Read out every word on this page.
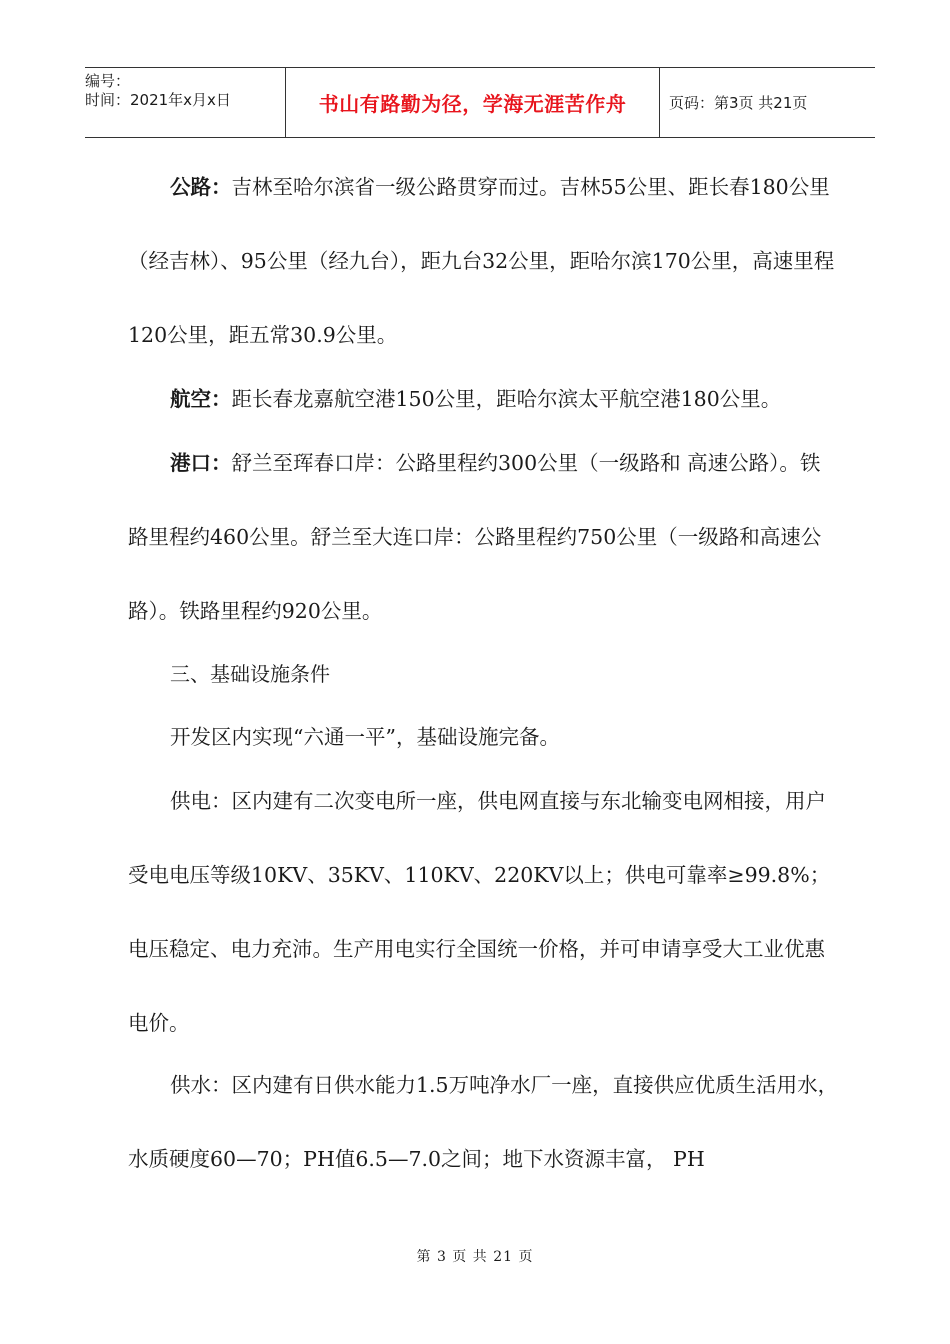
编号：
时间：2021年x月x日	书山有路勤为径，学海无涯苦作舟	页码：第3页 共21页

公路：吉林至哈尔滨省一级公路贯穿而过。吉林55公里、距长春180公里（经吉林）、95公里（经九台），距九台32公里，距哈尔滨170公里，高速里程120公里，距五常30.9公里。

航空：距长春龙嘉航空港150公里，距哈尔滨太平航空港180公里。

港口：舒兰至珲春口岸：公路里程约300公里（一级路和 高速公路）。铁路里程约460公里。舒兰至大连口岸：公路里程约750公里（一级路和高速公路）。铁路里程约920公里。

三、基础设施条件

开发区内实现“六通一平”，基础设施完备。

供电：区内建有二次变电所一座，供电网直接与东北输变电网相接，用户受电电压等级10KV、35KV、110KV、220KV以上；供电可靠率≥99.8%；电压稳定、电力充沛。生产用电实行全国统一价格，并可申请享受大工业优惠电价。

供水：区内建有日供水能力1.5万吨净水厂一座，直接供应优质生活用水，水质硬度60—70；PH值6.5—7.0之间；地下水资源丰富， PH

第 3 页 共 21 页
